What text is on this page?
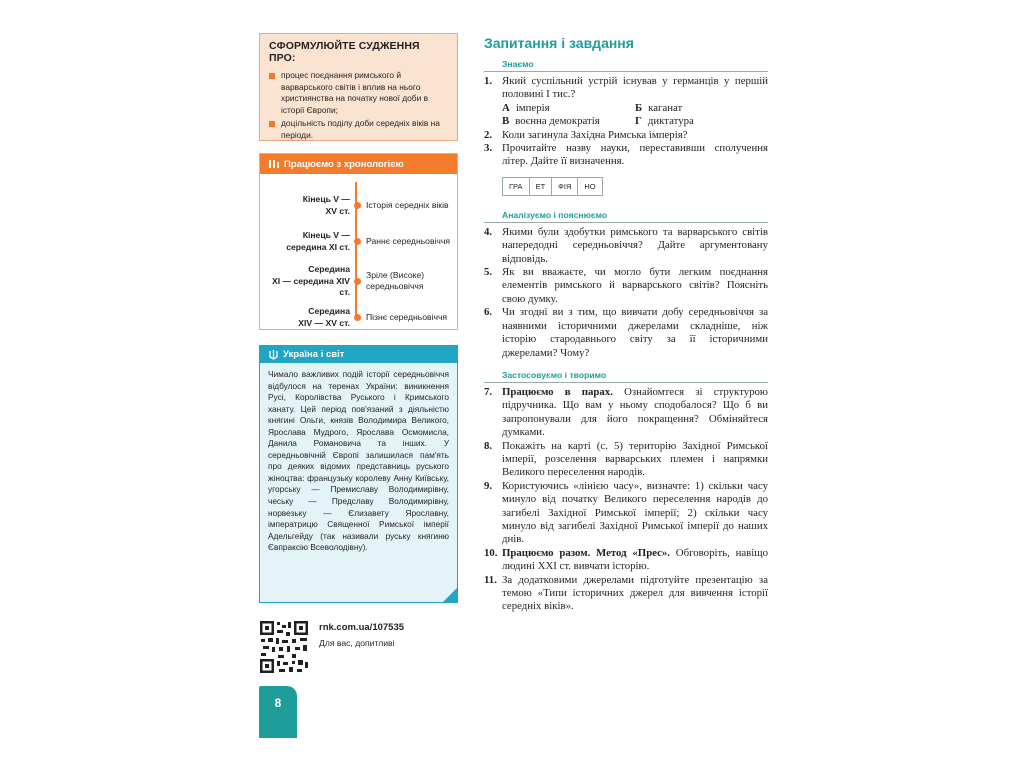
СФОРМУЛЮЙТЕ СУДЖЕННЯ ПРО:
процес поєднання римського й варварського світів і вплив на нього християнства на початку нової доби в історії Європи;
доцільність поділу доби середніх віків на періоди.
Працюємо з хронологією
Кінець V —
XV ст.
Історія середніх віків
Кінець V —
середина XI ст.
Раннє середньовіччя
Середина
XI — середина XIV ст.
Зріле (Високе) середньовіччя
Середина
XIV — XV ст.
Пізнє середньовіччя
Україна і світ
Чимало важливих подій історії середньовіччя відбулося на теренах України: виникнення Русі, Королівства Руського і Кримського ханату. Цей період пов'язаний з діяльністю княгині Ольги, князів Володимира Великого, Ярослава Мудрого, Ярослава Осмомисла, Данила Романовича та інших. У середньовічній Європі залишилася пам'ять про деяких відомих представниць руського жіноцтва: французьку королеву Анну Київську, угорську — Премиславу Володимирівну, чеську — Предславу Володимирівну, норвезьку — Єлизавету Ярославну, імператрицю Священної Римської імперії Адельгейду (так називали руську княгиню Євпраксію Всеволодівну).
rnk.com.ua/107535
Для вас, допитливі
8
Запитання і завдання
Знаємо
1. Який суспільний устрій існував у германців у першій половині I тис.?
А імперія	Б каганат
В воєнна демократія	Г диктатура
2. Коли загинула Західна Римська імперія?
3. Прочитайте назву науки, переставивши сполучення літер. Дайте її визначення.
ГРА	ЕТ	ФІЯ	НО
Аналізуємо і пояснюємо
4. Якими були здобутки римського та варварського світів напередодні середньовіччя? Дайте аргументовану відповідь.
5. Як ви вважаєте, чи могло бути легким поєднання елементів римського й варварського світів? Поясніть свою думку.
6. Чи згодні ви з тим, що вивчати добу середньовіччя за наявними історичними джерелами складніше, ніж історію стародавнього світу за її історичними джерелами? Чому?
Застосовуємо і творимо
7. Працюємо в парах. Ознайомтеся зі структурою підручника. Що вам у ньому сподобалося? Що б ви запропонували для його покращення? Обміняйтеся думками.
8. Покажіть на карті (с. 5) територію Західної Римської імперії, розселення варварських племен і напрямки Великого переселення народів.
9. Користуючись «лінією часу», визначте: 1) скільки часу минуло від початку Великого переселення народів до загибелі Західної Римської імперії; 2) скільки часу минуло від загибелі Західної Римської імперії до наших днів.
10. Працюємо разом. Метод «Прес». Обговоріть, навіщо людині XXI ст. вивчати історію.
11. За додатковими джерелами підготуйте презентацію за темою «Типи історичних джерел для вивчення історії середніх віків».
